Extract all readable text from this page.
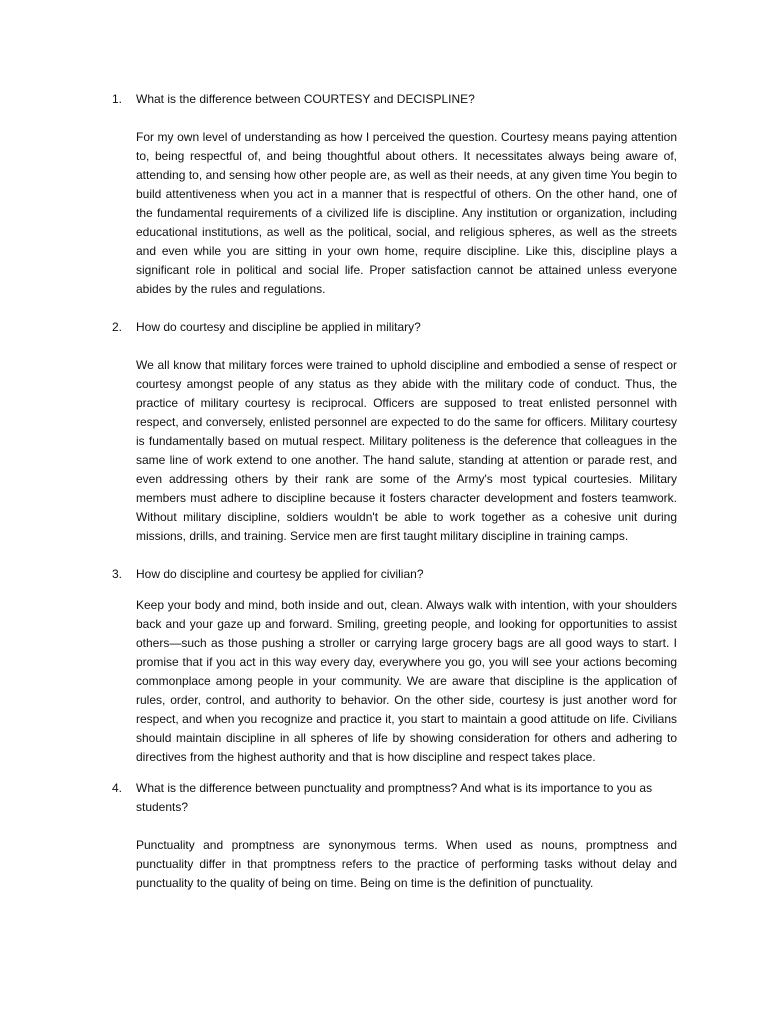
1. What is the difference between COURTESY and DECISPLINE?
For my own level of understanding as how I perceived the question. Courtesy means paying attention to, being respectful of, and being thoughtful about others. It necessitates always being aware of, attending to, and sensing how other people are, as well as their needs, at any given time You begin to build attentiveness when you act in a manner that is respectful of others. On the other hand, one of the fundamental requirements of a civilized life is discipline. Any institution or organization, including educational institutions, as well as the political, social, and religious spheres, as well as the streets and even while you are sitting in your own home, require discipline. Like this, discipline plays a significant role in political and social life. Proper satisfaction cannot be attained unless everyone abides by the rules and regulations.
2. How do courtesy and discipline be applied in military?
We all know that military forces were trained to uphold discipline and embodied a sense of respect or courtesy amongst people of any status as they abide with the military code of conduct. Thus, the practice of military courtesy is reciprocal. Officers are supposed to treat enlisted personnel with respect, and conversely, enlisted personnel are expected to do the same for officers. Military courtesy is fundamentally based on mutual respect. Military politeness is the deference that colleagues in the same line of work extend to one another. The hand salute, standing at attention or parade rest, and even addressing others by their rank are some of the Army's most typical courtesies. Military members must adhere to discipline because it fosters character development and fosters teamwork. Without military discipline, soldiers wouldn't be able to work together as a cohesive unit during missions, drills, and training. Service men are first taught military discipline in training camps.
3. How do discipline and courtesy be applied for civilian?
Keep your body and mind, both inside and out, clean. Always walk with intention, with your shoulders back and your gaze up and forward. Smiling, greeting people, and looking for opportunities to assist others—such as those pushing a stroller or carrying large grocery bags are all good ways to start. I promise that if you act in this way every day, everywhere you go, you will see your actions becoming commonplace among people in your community. We are aware that discipline is the application of rules, order, control, and authority to behavior. On the other side, courtesy is just another word for respect, and when you recognize and practice it, you start to maintain a good attitude on life. Civilians should maintain discipline in all spheres of life by showing consideration for others and adhering to directives from the highest authority and that is how discipline and respect takes place.
4. What is the difference between punctuality and promptness? And what is its importance to you as students?
Punctuality and promptness are synonymous terms. When used as nouns, promptness and punctuality differ in that promptness refers to the practice of performing tasks without delay and punctuality to the quality of being on time. Being on time is the definition of punctuality.
